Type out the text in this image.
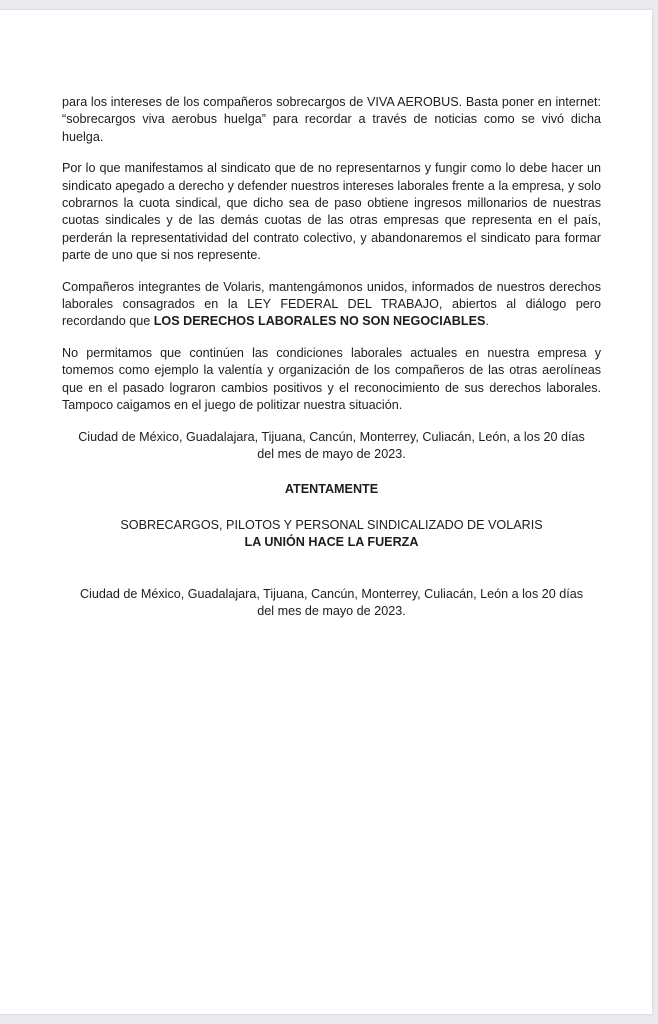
para los intereses de los compañeros sobrecargos de VIVA AEROBUS. Basta poner en internet: “sobrecargos viva aerobus huelga” para recordar a través de noticias como se vivó dicha huelga.

Por lo que manifestamos al sindicato que de no representarnos y fungir como lo debe hacer un sindicato apegado a derecho y defender nuestros intereses laborales frente a la empresa, y solo cobrarnos la cuota sindical, que dicho sea de paso obtiene ingresos millonarios de nuestras cuotas sindicales y de las demás cuotas de las otras empresas que representa en el país, perderán la representatividad del contrato colectivo, y abandonaremos el sindicato para formar parte de uno que si nos represente.

Compañeros integrantes de Volaris, mantengámonos unidos, informados de nuestros derechos laborales consagrados en la LEY FEDERAL DEL TRABAJO, abiertos al diálogo pero recordando que LOS DERECHOS LABORALES NO SON NEGOCIABLES.

No permitamos que continúen las condiciones laborales actuales en nuestra empresa y tomemos como ejemplo la valentía y organización de los compañeros de las otras aerolíneas que en el pasado lograron cambios positivos y el reconocimiento de sus derechos laborales. Tampoco caigamos en el juego de politizar nuestra situación.

Ciudad de México, Guadalajara, Tijuana, Cancún, Monterrey, Culiacán, León, a los 20 días

del mes de mayo de 2023.

ATENTAMENTE

SOBRECARGOS, PILOTOS Y PERSONAL SINDICALIZADO DE VOLARIS

LA UNIÓN HACE LA FUERZA

Ciudad de México, Guadalajara, Tijuana, Cancún, Monterrey, Culiacán, León a los 20 días

del mes de mayo de 2023.
